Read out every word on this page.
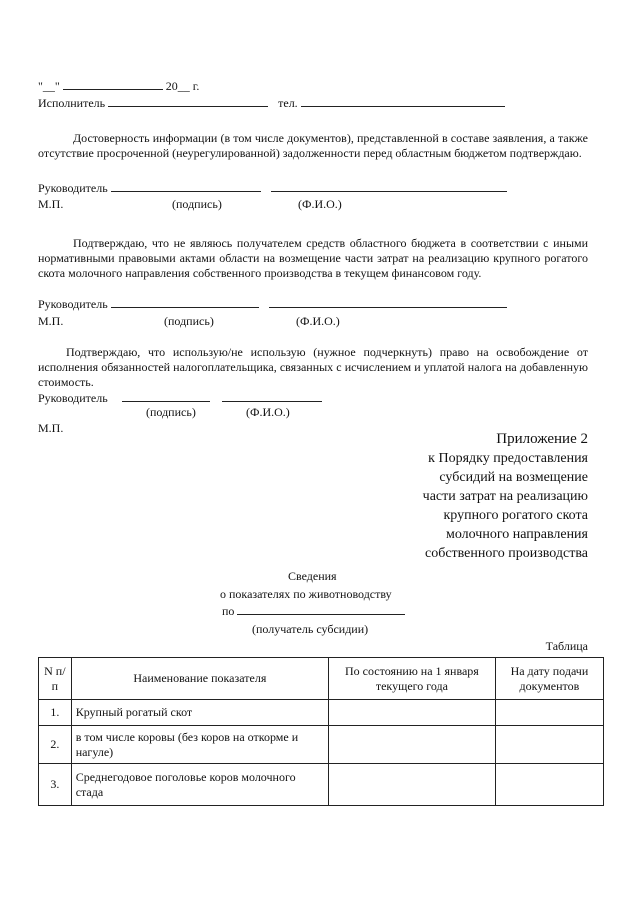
"__"	20__ г.
Исполнитель	тел.
Достоверность информации (в том числе документов), представленной в составе заявления, а также отсутствие просроченной (неурегулированной) задолженности перед областным бюджетом подтверждаю.
Руководитель
М.П.	(подпись)	(Ф.И.О.)
Подтверждаю, что не являюсь получателем средств областного бюджета в соответствии с иными нормативными правовыми актами области на возмещение части затрат на реализацию крупного рогатого скота молочного направления собственного производства в текущем финансовом году.
Руководитель
М.П.	(подпись)	(Ф.И.О.)
Подтверждаю, что использую/не использую (нужное подчеркнуть) право на освобождение от исполнения обязанностей налогоплательщика, связанных с исчислением и уплатой налога на добавленную стоимость.
Руководитель
(подпись)	(Ф.И.О.)
М.П.
Приложение 2
к Порядку предоставления
субсидий на возмещение
части затрат на реализацию
крупного рогатого скота
молочного направления
собственного производства
Сведения
о показателях по животноводству
по
(получатель субсидии)
Таблица
N п/п	Наименование показателя	По состоянию на 1 января текущего года	На дату подачи документов
1.	Крупный рогатый скот		
2.	в том числе коровы (без коров на откорме и нагуле)		
3.	Среднегодовое поголовье коров молочного стада		
